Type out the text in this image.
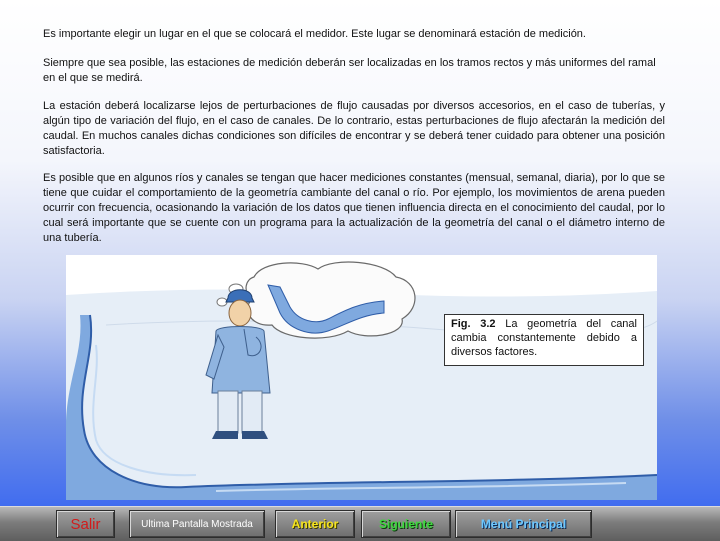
Es importante elegir un lugar en el que se colocará el medidor. Este lugar se denominará estación de medición.

Siempre que sea posible, las estaciones de medición deberán ser localizadas en los tramos rectos y más uniformes del ramal en el que se medirá.

La estación deberá localizarse lejos de perturbaciones de flujo causadas por diversos accesorios, en el caso de tuberías, y algún tipo de variación del flujo, en el caso de canales. De lo contrario, estas perturbaciones de flujo afectarán la medición del caudal. En muchos canales dichas condiciones son difíciles de encontrar y se deberá tener cuidado para obtener una posición satisfactoria.

Es posible que en algunos ríos y canales se tengan que hacer mediciones constantes (mensual, semanal, diaria), por lo que se tiene que cuidar el comportamiento de la geometría cambiante del canal o río. Por ejemplo, los movimientos de arena pueden ocurrir con frecuencia, ocasionando la variación de los datos que tienen influencia directa en el conocimiento del caudal, por lo cual será importante que se cuente con un programa para la actualización de la geometría del canal o el diámetro interno de una tubería.

Fig. 3.2 La geometría del canal cambia constantemente debido a diversos factores.
Salir	Ultima Pantalla Mostrada	Anterior	Siguiente	Menú Principal
